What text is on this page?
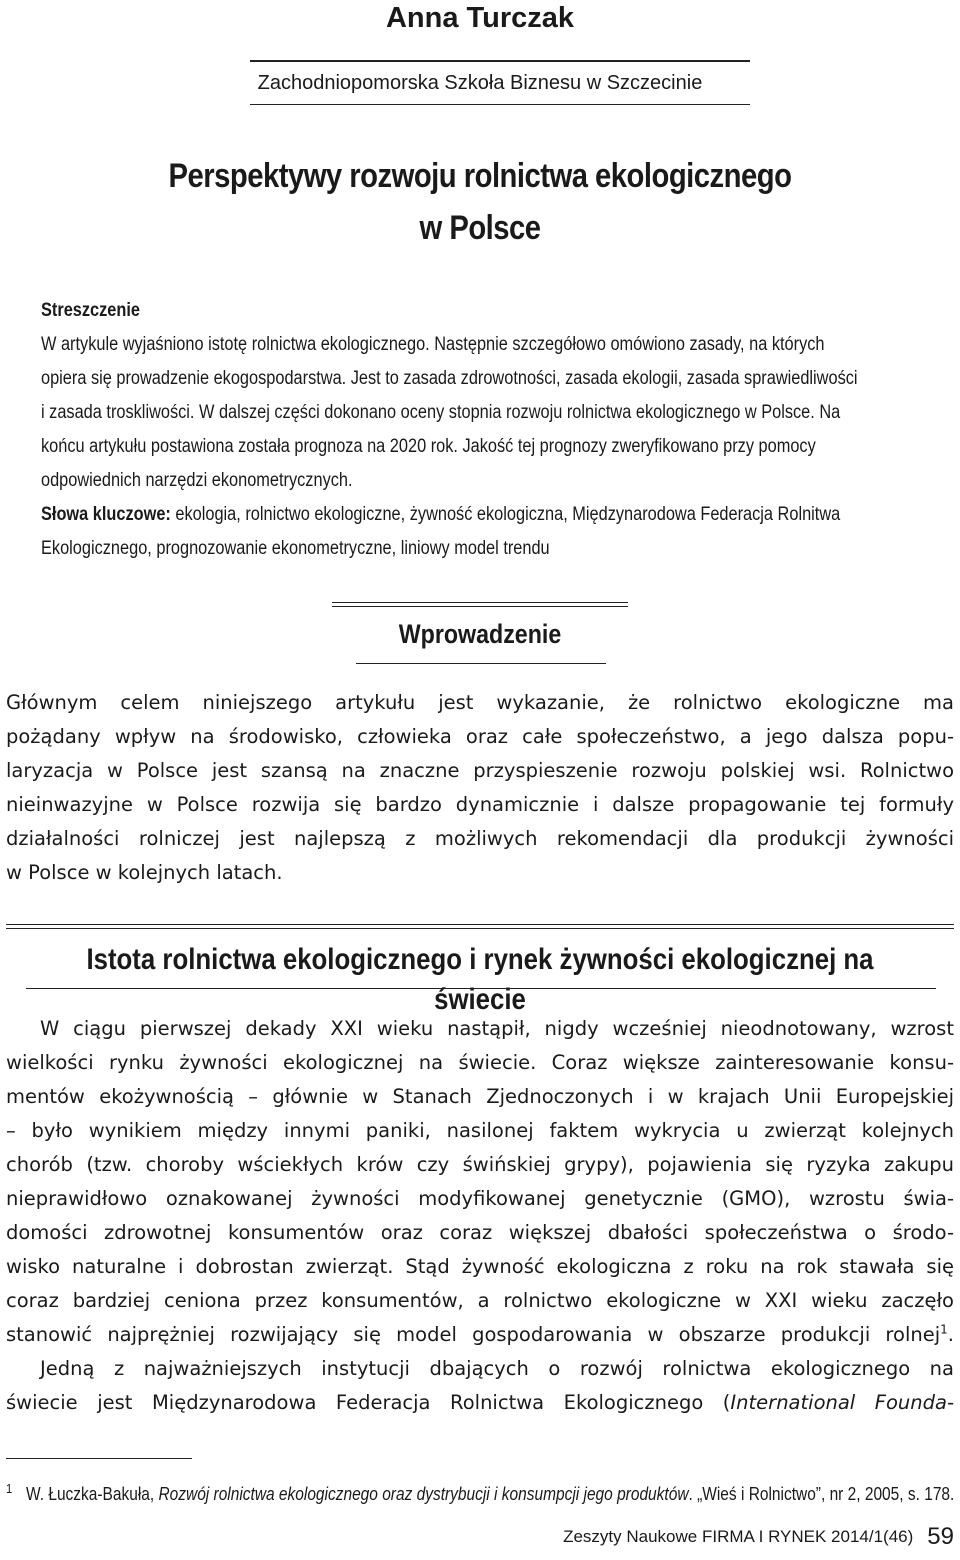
Anna Turczak
Zachodniopomorska Szkoła Biznesu w Szczecinie
Perspektywy rozwoju rolnictwa ekologicznego
w Polsce
Streszczenie
W artykule wyjaśniono istotę rolnictwa ekologicznego. Następnie szczegółowo omówiono zasady, na których
opiera się prowadzenie ekogospodarstwa. Jest to zasada zdrowotności, zasada ekologii, zasada sprawiedliwości
i zasada troskliwości. W dalszej części dokonano oceny stopnia rozwoju rolnictwa ekologicznego w Polsce. Na
końcu artykułu postawiona została prognoza na 2020 rok. Jakość tej prognozy zweryfikowano przy pomocy
odpowiednich narzędzi ekonometrycznych.
Słowa kluczowe: ekologia, rolnictwo ekologiczne, żywność ekologiczna, Międzynarodowa Federacja Rolnitwa
Ekologicznego, prognozowanie ekonometryczne, liniowy model trendu
Wprowadzenie
Głównym celem niniejszego artykułu jest wykazanie, że rolnictwo ekologiczne ma
pożądany wpływ na środowisko, człowieka oraz całe społeczeństwo, a jego dalsza popu-
laryzacja w Polsce jest szansą na znaczne przyspieszenie rozwoju polskiej wsi. Rolnictwo
nieinwazyjne w Polsce rozwija się bardzo dynamicznie i dalsze propagowanie tej formuły
działalności rolniczej jest najlepszą z możliwych rekomendacji dla produkcji żywności
w Polsce w kolejnych latach.
Istota rolnictwa ekologicznego i rynek żywności ekologicznej na świecie
W ciągu pierwszej dekady XXI wieku nastąpił, nigdy wcześniej nieodnotowany, wzrost
wielkości rynku żywności ekologicznej na świecie. Coraz większe zainteresowanie konsu-
mentów ekożywnością – głównie w Stanach Zjednoczonych i w krajach Unii Europejskiej
– było wynikiem między innymi paniki, nasilonej faktem wykrycia u zwierząt kolejnych
chorób (tzw. choroby wściekłych krów czy świńskiej grypy), pojawienia się ryzyka zakupu
nieprawidłowo oznakowanej żywności modyfikowanej genetycznie (GMO), wzrostu świa-
domości zdrowotnej konsumentów oraz coraz większej dbałości społeczeństwa o środo-
wisko naturalne i dobrostan zwierząt. Stąd żywność ekologiczna z roku na rok stawała się
coraz bardziej ceniona przez konsumentów, a rolnictwo ekologiczne w XXI wieku zaczęło
stanowić najprężniej rozwijający się model gospodarowania w obszarze produkcji rolnej$^1$.
Jedną z najważniejszych instytucji dbających o rozwój rolnictwa ekologicznego na
świecie jest Międzynarodowa Federacja Rolnictwa Ekologicznego (International Founda-
$^1$ W. Łuczka-Bakuła, Rozwój rolnictwa ekologicznego oraz dystrybucji i konsumpcji jego produktów. „Wieś i Rolnictwo”, nr 2, 2005, s. 178.
Zeszyty Naukowe FIRMA I RYNEK 2014/1(46) 59
